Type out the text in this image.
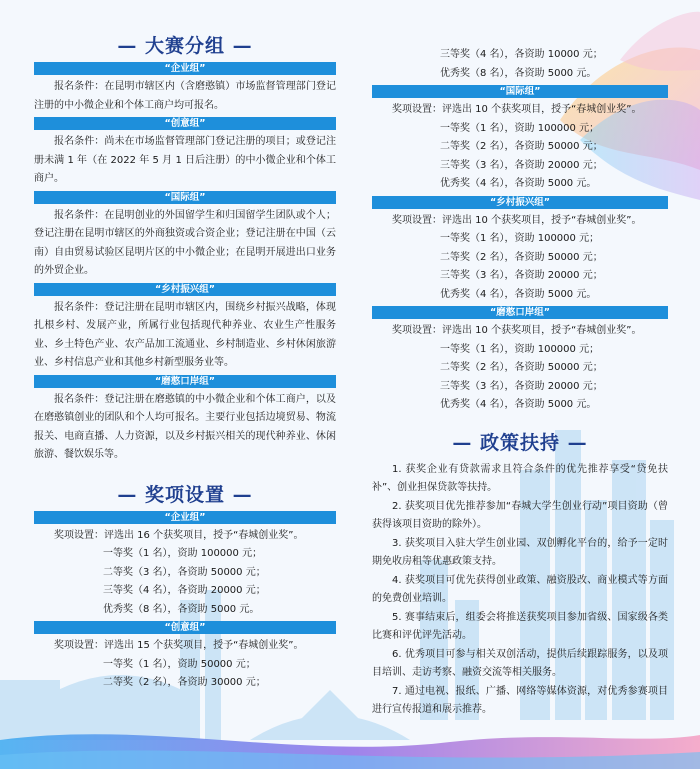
— 大赛分组 —
“企业组”
报名条件：在昆明市辖区内（含磨憨镇）市场监督管理部门登记注册的中小微企业和个体工商户均可报名。
“创意组”
报名条件：尚未在市场监督管理部门登记注册的项目；或登记注册未满 1 年（在 2022 年 5 月 1 日后注册）的中小微企业和个体工商户。
“国际组”
报名条件：在昆明创业的外国留学生和归国留学生团队或个人；登记注册在昆明市辖区的外商独资或合资企业；登记注册在中国（云南）自由贸易试验区昆明片区的中小微企业；在昆明开展进出口业务的外贸企业。
“乡村振兴组”
报名条件：登记注册在昆明市辖区内，围绕乡村振兴战略，体现扎根乡村、发展产业，所属行业包括现代种养业、农业生产性服务业、乡土特色产业、农产品加工流通业、乡村制造业、乡村休闲旅游业、乡村信息产业和其他乡村新型服务业等。
“磨憨口岸组”
报名条件：登记注册在磨憨镇的中小微企业和个体工商户，以及在磨憨镇创业的团队和个人均可报名。主要行业包括边境贸易、物流报关、电商直播、人力资源，以及乡村振兴相关的现代种养业、休闲旅游、餐饮娱乐等。
— 奖项设置 —
“企业组”
奖项设置：评选出 16 个获奖项目，授予“春城创业奖”。
一等奖（1 名），资助 100000 元；
二等奖（3 名），各资助 50000 元；
三等奖（4 名），各资助 20000 元；
优秀奖（8 名），各资助 5000 元。
“创意组”
奖项设置：评选出 15 个获奖项目，授予“春城创业奖”。
一等奖（1 名），资助 50000 元；
二等奖（2 名），各资助 30000 元；
三等奖（4 名），各资助 10000 元；
优秀奖（8 名），各资助 5000 元。
“国际组”
奖项设置：评选出 10 个获奖项目，授予“春城创业奖”。
一等奖（1 名），资助 100000 元；
二等奖（2 名），各资助 50000 元；
三等奖（3 名），各资助 20000 元；
优秀奖（4 名），各资助 5000 元。
“乡村振兴组”
奖项设置：评选出 10 个获奖项目，授予“春城创业奖”。
一等奖（1 名），资助 100000 元；
二等奖（2 名），各资助 50000 元；
三等奖（3 名），各资助 20000 元；
优秀奖（4 名），各资助 5000 元。
“磨憨口岸组”
奖项设置：评选出 10 个获奖项目，授予“春城创业奖”。
一等奖（1 名），资助 100000 元；
二等奖（2 名），各资助 50000 元；
三等奖（3 名），各资助 20000 元；
优秀奖（4 名），各资助 5000 元。
— 政策扶持 —

1. 获奖企业有贷款需求且符合条件的优先推荐享受“贷免扶补”、创业担保贷款等扶持。

2. 获奖项目优先推荐参加“春城大学生创业行动”项目资助（曾获得该项目资助的除外）。

3. 获奖项目入驻大学生创业园、双创孵化平台的，给予一定时期免收房租等优惠政策支持。

4. 获奖项目可优先获得创业政策、融资股改、商业模式等方面的免费创业培训。

5. 赛事结束后，组委会将推送获奖项目参加省级、国家级各类比赛和评优评先活动。

6. 优秀项目可参与相关双创活动，提供后续跟踪服务，以及项目培训、走访考察、融资交流等相关服务。

7. 通过电视、报纸、广播、网络等媒体资源，对优秀参赛项目进行宣传报道和展示推荐。
